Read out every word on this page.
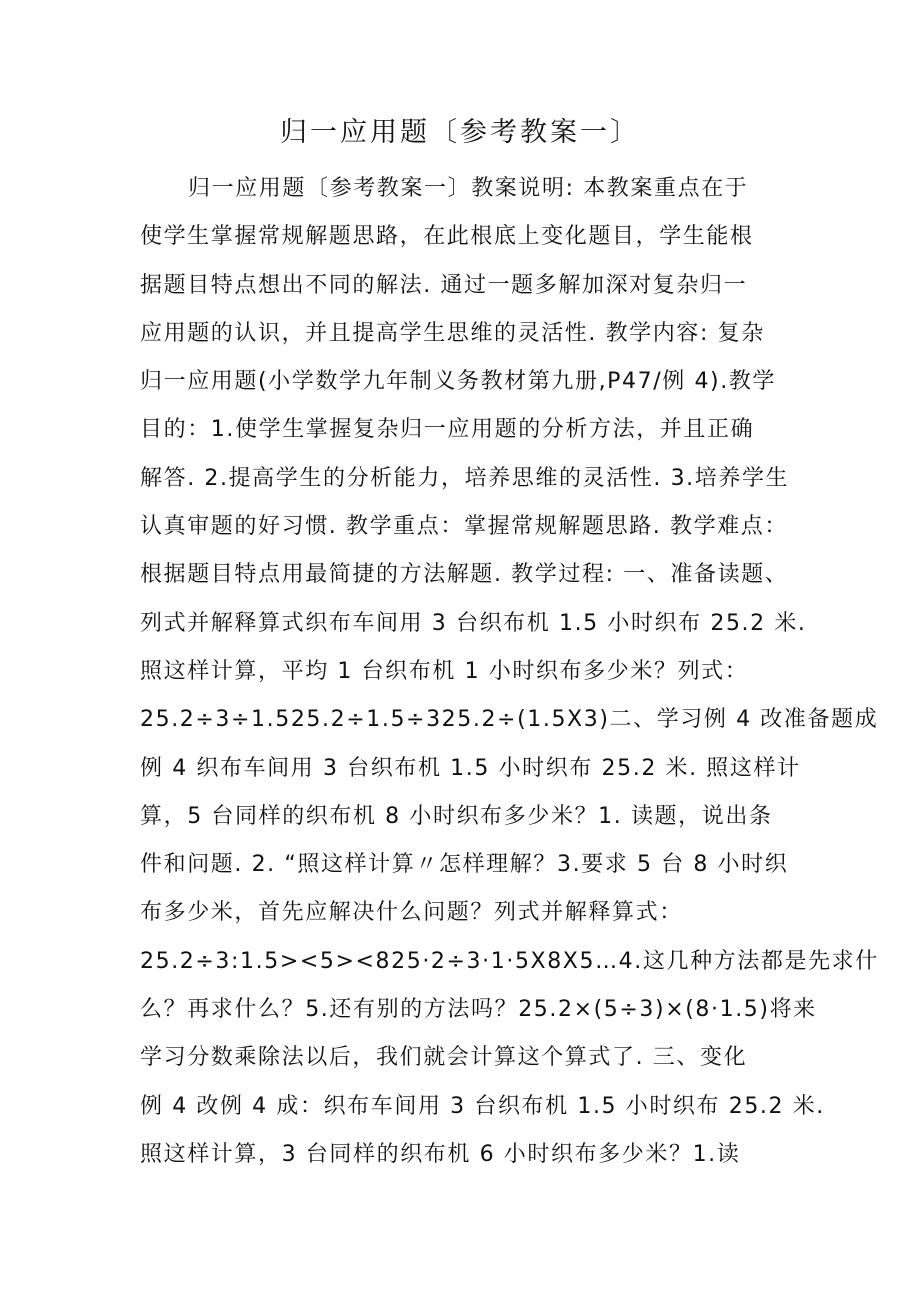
归一应用题〔参考教案一〕
归一应用题〔参考教案一〕教案说明: 本教案重点在于
使学生掌握常规解题思路，在此根底上变化题目，学生能根
据题目特点想出不同的解法. 通过一题多解加深对复杂归一
应用题的认识，并且提高学生思维的灵活性. 教学内容: 复杂
归一应用题(小学数学九年制义务教材第九册,P47/例 4).教学
目的：1.使学生掌握复杂归一应用题的分析方法，并且正确
解答. 2.提高学生的分析能力，培养思维的灵活性. 3.培养学生
认真审题的好习惯. 教学重点：掌握常规解题思路. 教学难点：
根据题目特点用最简捷的方法解题. 教学过程: 一、准备读题、
列式并解释算式织布车间用 3 台织布机 1.5 小时织布 25.2 米.
照这样计算，平均 1 台织布机 1 小时织布多少米？列式：
25.2÷3÷1.525.2÷1.5÷325.2÷(1.5X3)二、学习例 4 改准备题成
例 4 织布车间用 3 台织布机 1.5 小时织布 25.2 米. 照这样计
算，5 台同样的织布机 8 小时织布多少米？1. 读题，说出条
件和问题. 2. “照这样计算〃怎样理解？3.要求 5 台 8 小时织
布多少米，首先应解决什么问题？列式并解释算式：
25.2÷3:1.5><5><825·2÷3·1·5X8X5…4.这几种方法都是先求什
么？再求什么？5.还有别的方法吗？25.2×(5÷3)×(8·1.5)将来
学习分数乘除法以后，我们就会计算这个算式了. 三、变化
例 4 改例 4 成：织布车间用 3 台织布机 1.5 小时织布 25.2 米.
照这样计算，3 台同样的织布机 6 小时织布多少米？1.读
